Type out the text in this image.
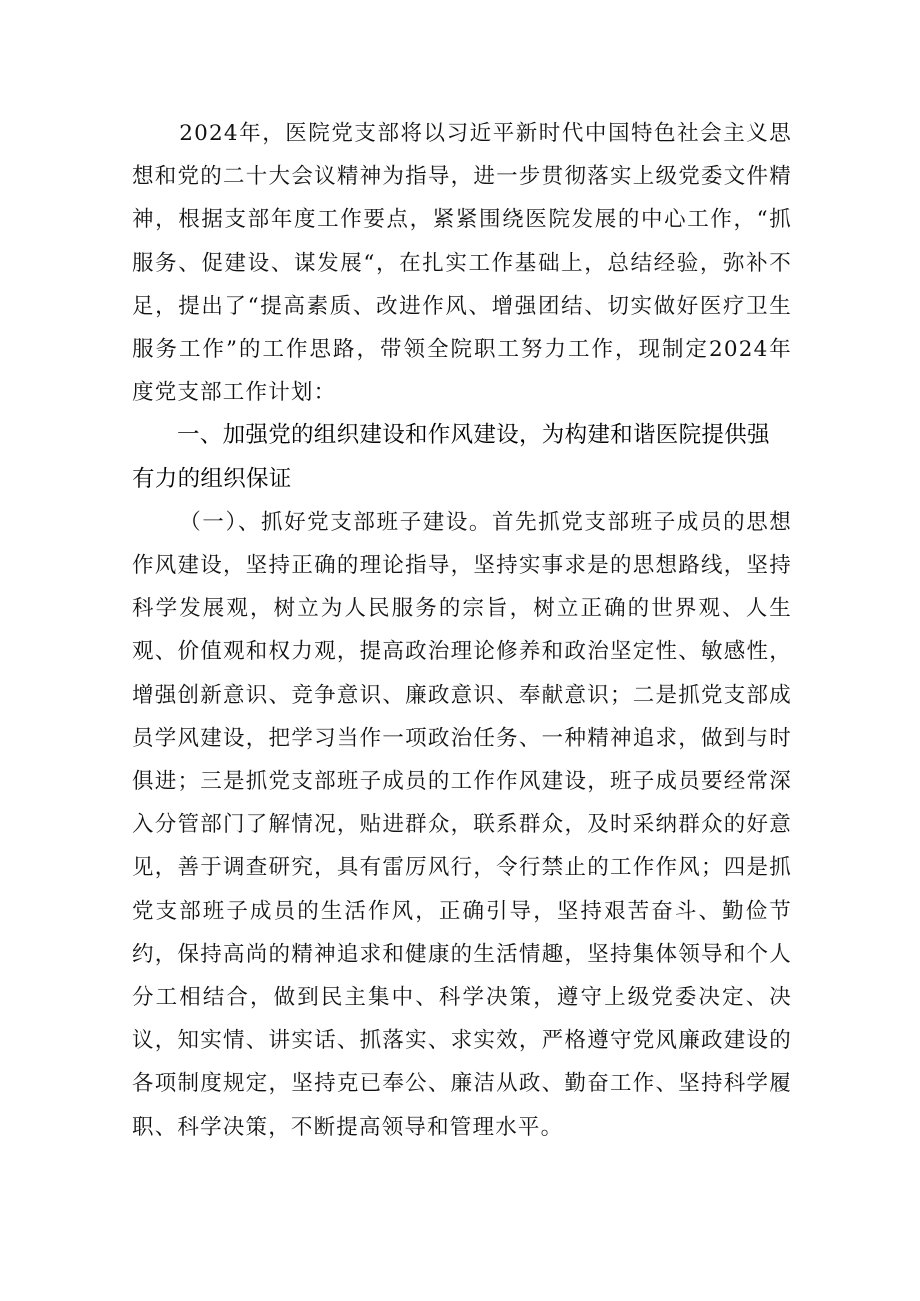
2024年，医院党支部将以习近平新时代中国特色社会主义思想和党的二十大会议精神为指导，进一步贯彻落实上级党委文件精神，根据支部年度工作要点，紧紧围绕医院发展的中心工作，“抓服务、促建设、谋发展“，在扎实工作基础上，总结经验，弥补不足，提出了“提高素质、改进作风、增强团结、切实做好医疗卫生服务工作”的工作思路，带领全院职工努力工作，现制定2024年度党支部工作计划：

一、加强党的组织建设和作风建设，为构建和谐医院提供强有力的组织保证

（一）、抓好党支部班子建设。首先抓党支部班子成员的思想作风建设，坚持正确的理论指导，坚持实事求是的思想路线，坚持科学发展观，树立为人民服务的宗旨，树立正确的世界观、人生观、价值观和权力观，提高政治理论修养和政治坚定性、敏感性，增强创新意识、竞争意识、廉政意识、奉献意识；二是抓党支部成员学风建设，把学习当作一项政治任务、一种精神追求，做到与时俱进；三是抓党支部班子成员的工作作风建设，班子成员要经常深入分管部门了解情况，贴进群众，联系群众，及时采纳群众的好意见，善于调查研究，具有雷厉风行，令行禁止的工作作风；四是抓党支部班子成员的生活作风，正确引导，坚持艰苦奋斗、勤俭节约，保持高尚的精神追求和健康的生活情趣，坚持集体领导和个人分工相结合，做到民主集中、科学决策，遵守上级党委决定、决议，知实情、讲实话、抓落实、求实效，严格遵守党风廉政建设的各项制度规定，坚持克已奉公、廉洁从政、勤奋工作、坚持科学履职、科学决策，不断提高领导和管理水平。
